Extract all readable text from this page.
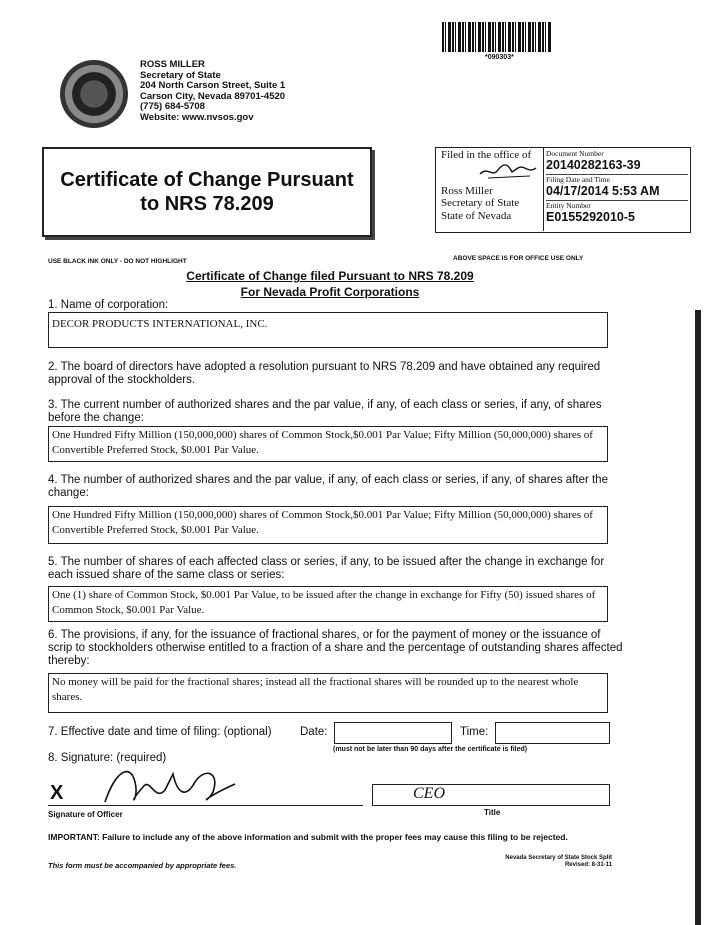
*090303*
ROSS MILLER
Secretary of State
204 North Carson Street, Suite 1
Carson City, Nevada 89701-4520
(775) 684-5708
Website: www.nvsos.gov
Certificate of Change Pursuant
to NRS 78.209
Filed in the office of
Ross Miller
Secretary of State
State of Nevada
Document Number
20140282163-39
Filing Date and Time
04/17/2014 5:53 AM
Entity Number
E0155292010-5
USE BLACK INK ONLY - DO NOT HIGHLIGHT	ABOVE SPACE IS FOR OFFICE USE ONLY
Certificate of Change filed Pursuant to NRS 78.209
For Nevada Profit Corporations
1. Name of corporation:
DECOR PRODUCTS INTERNATIONAL, INC.
2. The board of directors have adopted a resolution pursuant to NRS 78.209 and have obtained any required approval of the stockholders.
3. The current number of authorized shares and the par value, if any, of each class or series, if any, of shares before the change:
One Hundred Fifty Million (150,000,000) shares of Common Stock,$0.001 Par Value; Fifty Million (50,000,000) shares of Convertible Preferred Stock, $0.001 Par Value.
4. The number of authorized shares and the par value, if any, of each class or series, if any, of shares after the change:
One Hundred Fifty Million (150,000,000) shares of Common Stock,$0.001 Par Value; Fifty Million (50,000,000) shares of Convertible Preferred Stock, $0.001 Par Value.
5. The number of shares of each affected class or series, if any, to be issued after the change in exchange for each issued share of the same class or series:
One (1) share of Common Stock, $0.001 Par Value, to be issued after the change in exchange for Fifty (50) issued shares of Common Stock, $0.001 Par Value.
6. The provisions, if any, for the issuance of fractional shares, or for the payment of money or the issuance of scrip to stockholders otherwise entitled to a fraction of a share and the percentage of outstanding shares affected thereby:
No money will be paid for the fractional shares; instead all the fractional shares will be rounded up to the nearest whole shares.
7. Effective date and time of filing: (optional)	Date:	Time:
(must not be later than 90 days after the certificate is filed)
8. Signature: (required)
X
Signature of Officer
CEO
Title
IMPORTANT: Failure to include any of the above information and submit with the proper fees may cause this filing to be rejected.
This form must be accompanied by appropriate fees.
Nevada Secretary of State Stock Split
Revised: 8-31-11
